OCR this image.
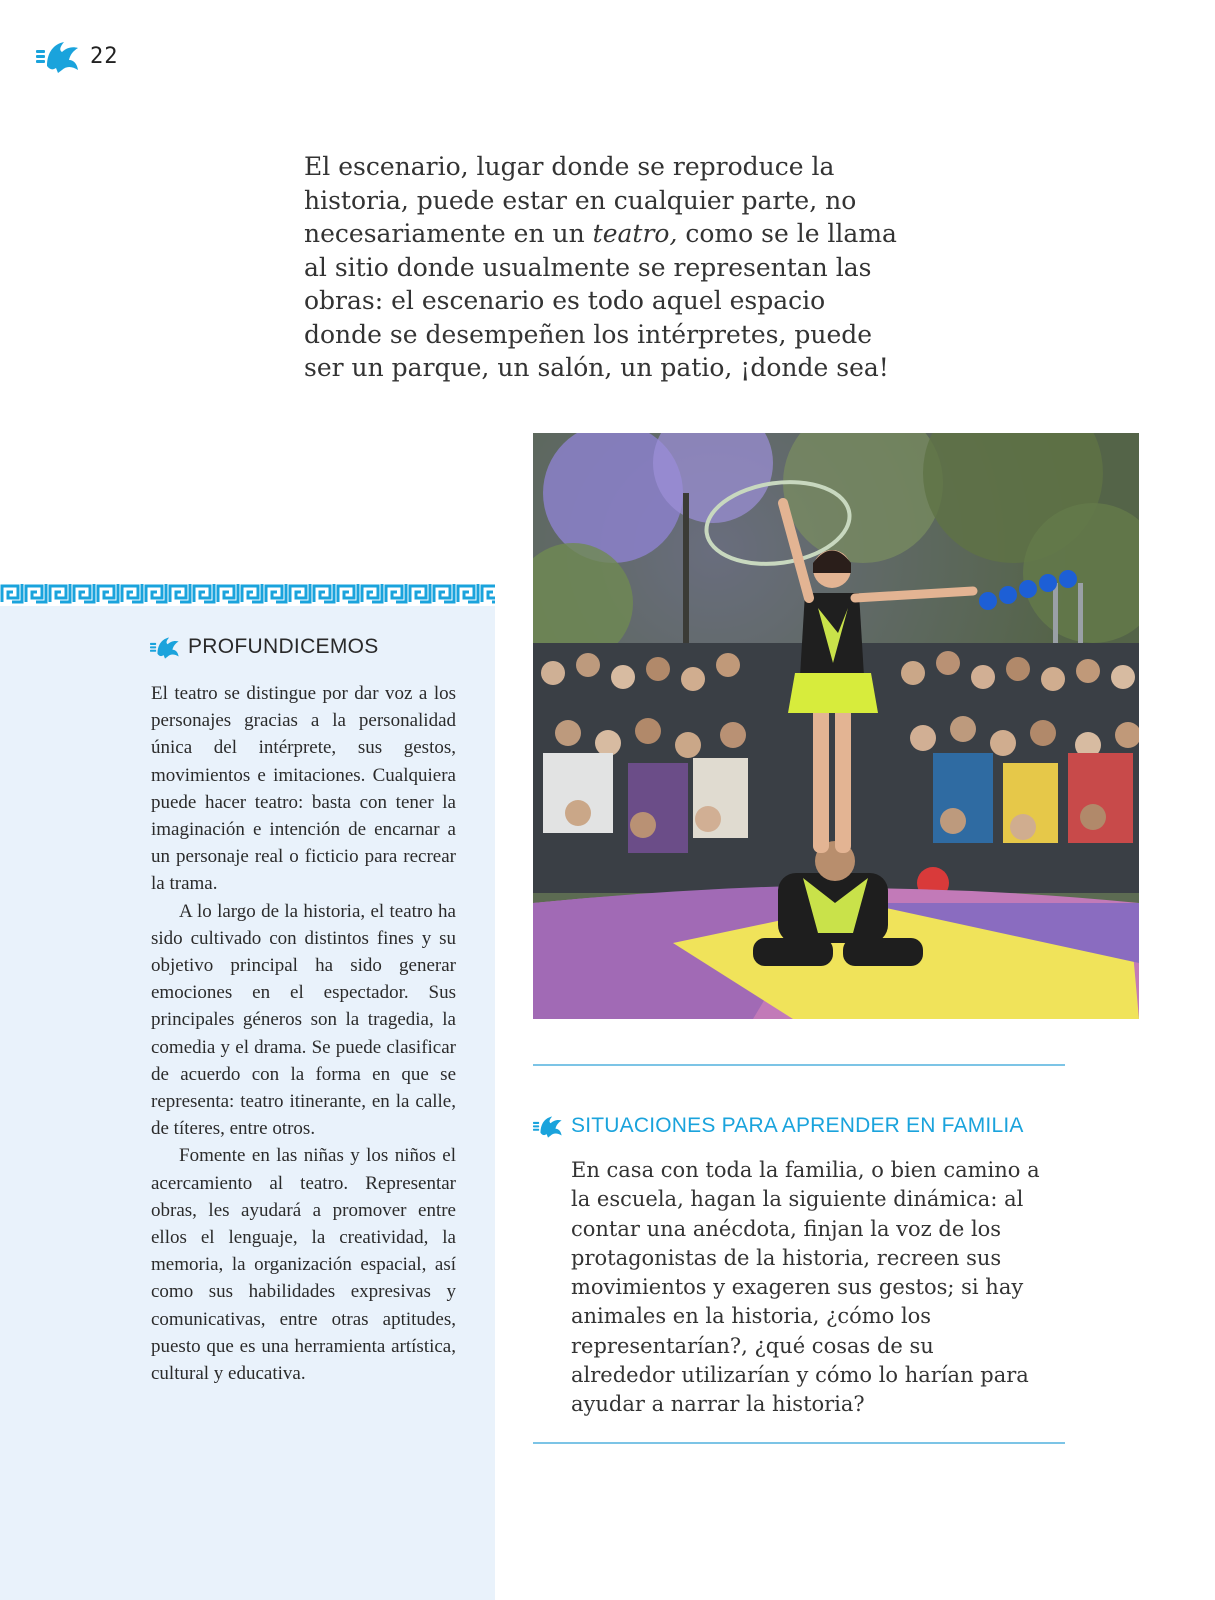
22

El escenario, lugar donde se reproduce la historia, puede estar en cualquier parte, no necesariamente en un teatro, como se le llama al sitio donde usualmente se representan las obras: el escenario es todo aquel espacio donde se desempeñen los intérpretes, puede ser un parque, un salón, un patio, ¡donde sea!

PROFUNDICEMOS

El teatro se distingue por dar voz a los personajes gracias a la personalidad única del intérprete, sus gestos, movimientos e imitaciones. Cualquiera puede hacer teatro: basta con tener la imaginación e intención de encarnar a un personaje real o ficticio para recrear la trama.

A lo largo de la historia, el teatro ha sido cultivado con distintos fines y su objetivo principal ha sido generar emociones en el espectador. Sus principales géneros son la tragedia, la comedia y el drama. Se puede clasificar de acuerdo con la forma en que se representa: teatro itinerante, en la calle, de títeres, entre otros.

Fomente en las niñas y los niños el acercamiento al teatro. Representar obras, les ayudará a promover entre ellos el lenguaje, la creatividad, la memoria, la organización espacial, así como sus habilidades expresivas y comunicativas, entre otras aptitudes, puesto que es una herramienta artística, cultural y educativa.

SITUACIONES PARA APRENDER EN FAMILIA

En casa con toda la familia, o bien camino a la escuela, hagan la siguiente dinámica: al contar una anécdota, finjan la voz de los protagonistas de la historia, recreen sus movimientos y exageren sus gestos; si hay animales en la historia, ¿cómo los representarían?, ¿qué cosas de su alrededor utilizarían y cómo lo harían para ayudar a narrar la historia?
